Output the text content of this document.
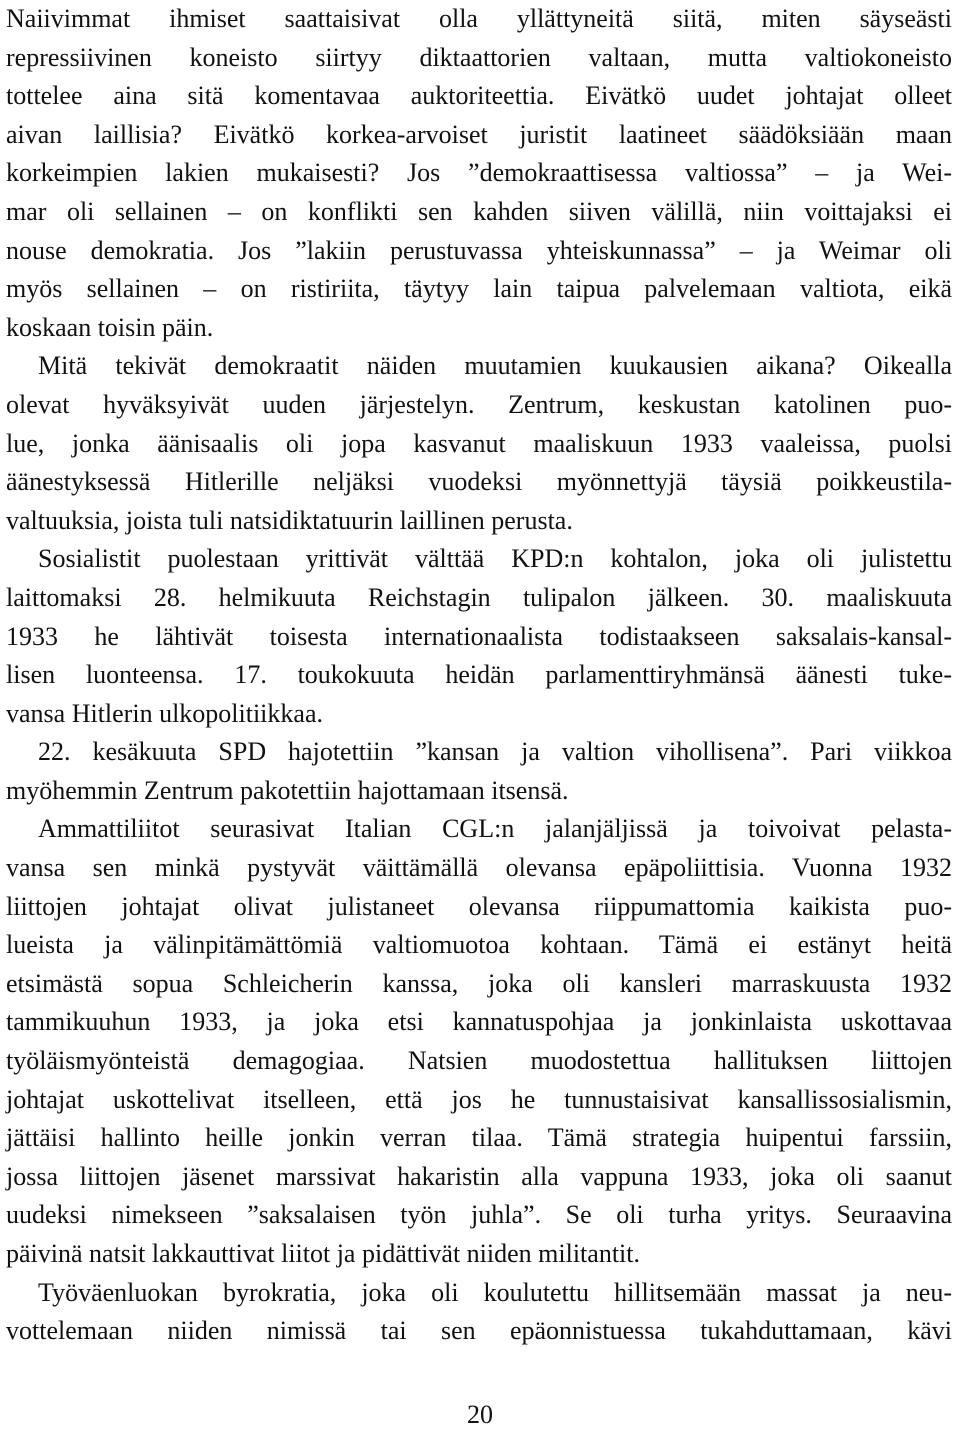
Naiivimmat ihmiset saattaisivat olla yllättyneitä siitä, miten säyseästi
repressiivinen koneisto siirtyy diktaattorien valtaan, mutta valtiokoneisto
tottelee aina sitä komentavaa auktoriteettia. Eivätkö uudet johtajat olleet
aivan laillisia? Eivätkö korkea-arvoiset juristit laatineet säädöksiään maan
korkeimpien lakien mukaisesti? Jos ”demokraattisessa valtiossa” – ja Wei-
mar oli sellainen – on konflikti sen kahden siiven välillä, niin voittajaksi ei
nouse demokratia. Jos ”lakiin perustuvassa yhteiskunnassa” – ja Weimar oli
myös sellainen – on ristiriita, täytyy lain taipua palvelemaan valtiota, eikä
koskaan toisin päin.
Mitä tekivät demokraatit näiden muutamien kuukausien aikana? Oikealla
olevat hyväksyivät uuden järjestelyn. Zentrum, keskustan katolinen puo-
lue, jonka äänisaalis oli jopa kasvanut maaliskuun 1933 vaaleissa, puolsi
äänestyksessä Hitlerille neljäksi vuodeksi myönnettyjä täysiä poikkeustila-
valtuuksia, joista tuli natsidiktatuurin laillinen perusta.
Sosialistit puolestaan yrittivät välttää KPD:n kohtalon, joka oli julistettu
laittomaksi 28. helmikuuta Reichstagin tulipalon jälkeen. 30. maaliskuuta
1933 he lähtivät toisesta internationaalista todistaakseen saksalais-kansal-
lisen luonteensa. 17. toukokuuta heidän parlamenttiryhmänsä äänesti tuke-
vansa Hitlerin ulkopolitiikkaa.
22. kesäkuuta SPD hajotettiin ”kansan ja valtion vihollisena”. Pari viikkoa
myöhemmin Zentrum pakotettiin hajottamaan itsensä.
Ammattiliitot seurasivat Italian CGL:n jalanjäljissä ja toivoivat pelasta-
vansa sen minkä pystyvät väittämällä olevansa epäpoliittisia. Vuonna 1932
liittojen johtajat olivat julistaneet olevansa riippumattomia kaikista puo-
lueista ja välinpitämättömiä valtiomuotoa kohtaan. Tämä ei estänyt heitä
etsimästä sopua Schleicherin kanssa, joka oli kansleri marraskuusta 1932
tammikuuhun 1933, ja joka etsi kannatuspohjaa ja jonkinlaista uskottavaa
työläismyönteistä demagogiaa. Natsien muodostettua hallituksen liittojen
johtajat uskottelivat itselleen, että jos he tunnustaisivat kansallissosialismin,
jättäisi hallinto heille jonkin verran tilaa. Tämä strategia huipentui farssiin,
jossa liittojen jäsenet marssivat hakaristin alla vappuna 1933, joka oli saanut
uudeksi nimekseen ”saksalaisen työn juhla”. Se oli turha yritys. Seuraavina
päivinä natsit lakkauttivat liitot ja pidättivät niiden militantit.
Työväenluokan byrokratia, joka oli koulutettu hillitsemään massat ja neu-
vottelemaan niiden nimissä tai sen epäonnistuessa tukahduttamaan, kävi
20
